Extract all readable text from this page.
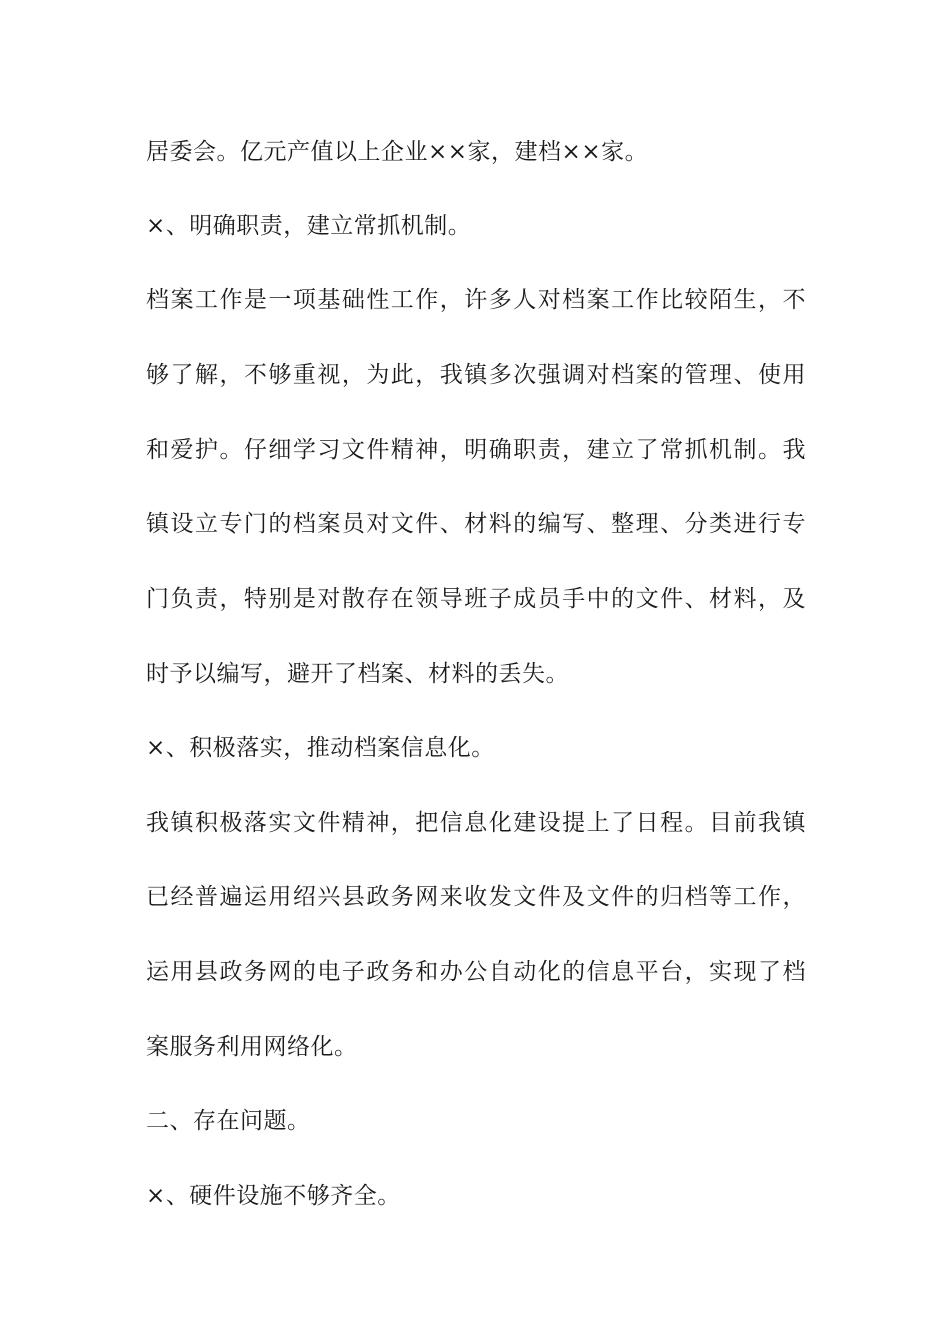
居委会。亿元产值以上企业××家，建档××家。
×、明确职责，建立常抓机制。
档案工作是一项基础性工作，许多人对档案工作比较陌生，不
够了解，不够重视，为此，我镇多次强调对档案的管理、使用
和爱护。仔细学习文件精神，明确职责，建立了常抓机制。我
镇设立专门的档案员对文件、材料的编写、整理、分类进行专
门负责，特别是对散存在领导班子成员手中的文件、材料，及
时予以编写，避开了档案、材料的丢失。
×、积极落实，推动档案信息化。
我镇积极落实文件精神，把信息化建设提上了日程。目前我镇
已经普遍运用绍兴县政务网来收发文件及文件的归档等工作，
运用县政务网的电子政务和办公自动化的信息平台，实现了档
案服务利用网络化。
二、存在问题。
×、硬件设施不够齐全。
